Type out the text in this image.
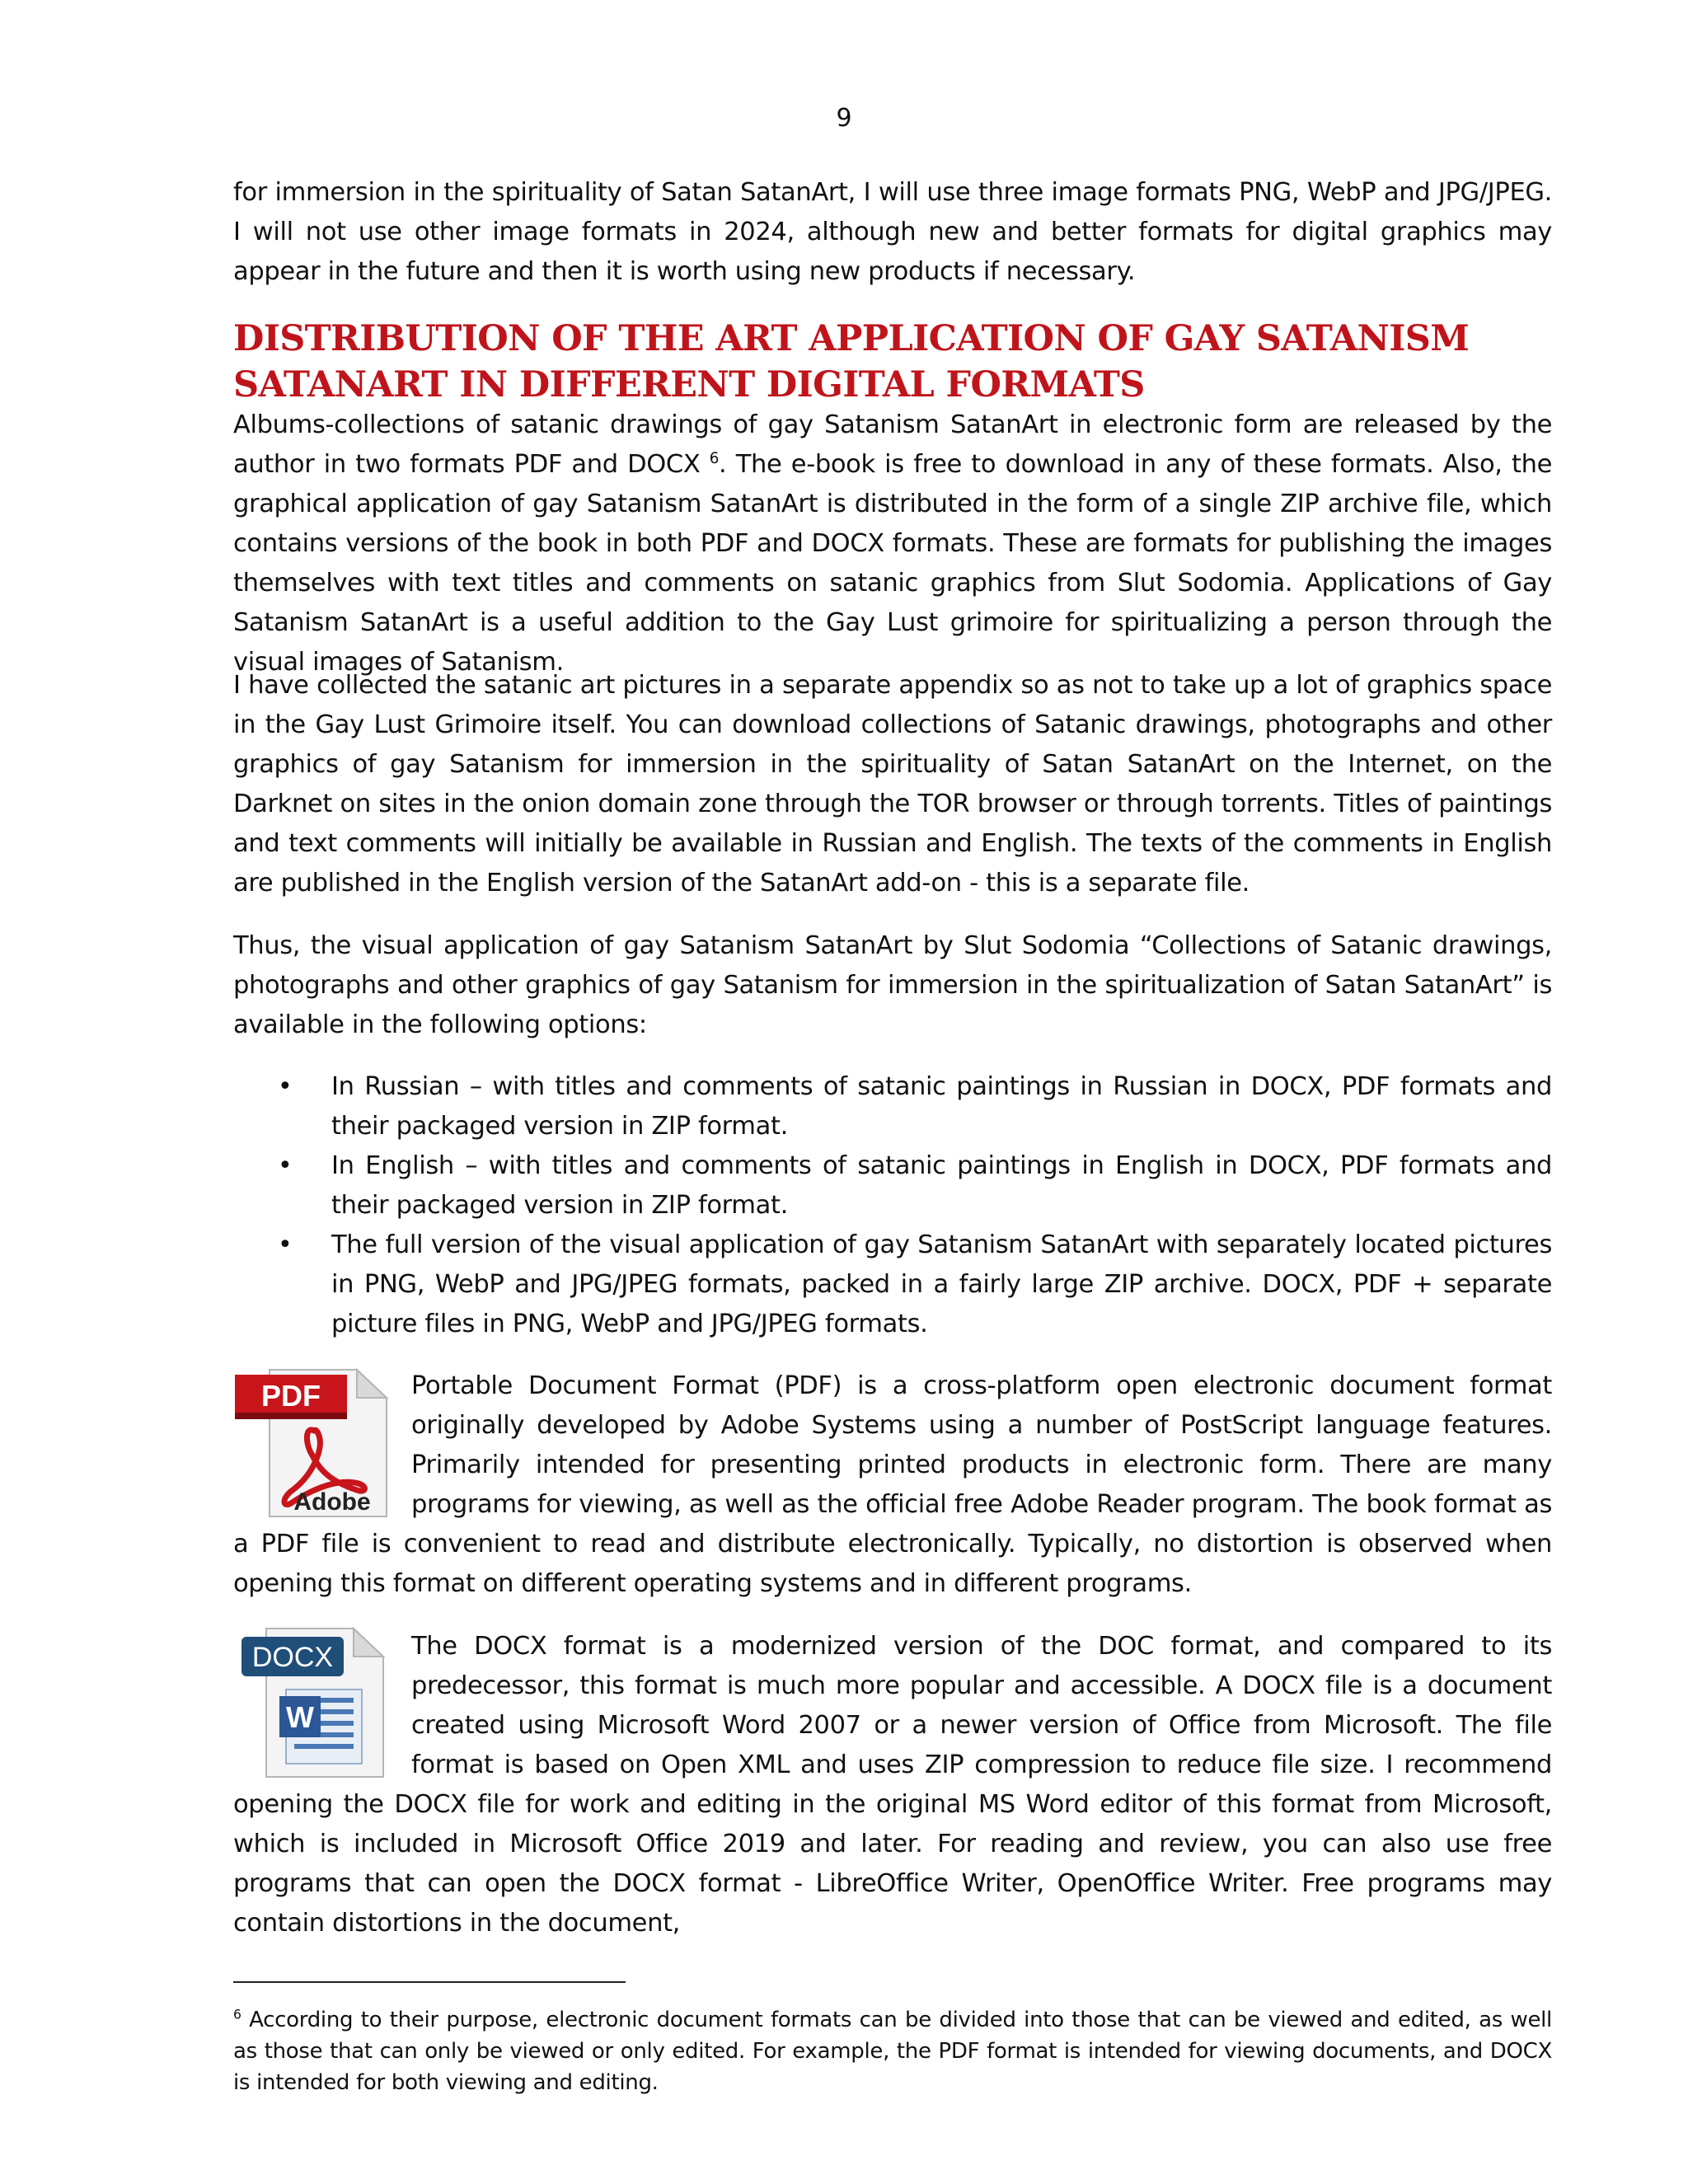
9

for immersion in the spirituality of Satan SatanArt, I will use three image formats PNG, WebP and JPG/JPEG. I will not use other image formats in 2024, although new and better formats for digital graphics may appear in the future and then it is worth using new products if necessary.

DISTRIBUTION OF THE ART APPLICATION OF GAY SATANISM SATANART IN DIFFERENT DIGITAL FORMATS

Albums-collections of satanic drawings of gay Satanism SatanArt in electronic form are released by the author in two formats PDF and DOCX $^6$. The e-book is free to download in any of these formats. Also, the graphical application of gay Satanism SatanArt is distributed in the form of a single ZIP archive file, which contains versions of the book in both PDF and DOCX formats. These are formats for publishing the images themselves with text titles and comments on satanic graphics from Slut Sodomia. Applications of Gay Satanism SatanArt is a useful addition to the Gay Lust grimoire for spiritualizing a person through the visual images of Satanism.

I have collected the satanic art pictures in a separate appendix so as not to take up a lot of graphics space in the Gay Lust Grimoire itself. You can download collections of Satanic drawings, photographs and other graphics of gay Satanism for immersion in the spirituality of Satan SatanArt on the Internet, on the Darknet on sites in the onion domain zone through the TOR browser or through torrents. Titles of paintings and text comments will initially be available in Russian and English. The texts of the comments in English are published in the English version of the SatanArt add-on - this is a separate file.

Thus, the visual application of gay Satanism SatanArt by Slut Sodomia “Collections of Satanic drawings, photographs and other graphics of gay Satanism for immersion in the spiritualization of Satan SatanArt” is available in the following options:

• In Russian – with titles and comments of satanic paintings in Russian in DOCX, PDF formats and their packaged version in ZIP format.
• In English – with titles and comments of satanic paintings in English in DOCX, PDF formats and their packaged version in ZIP format.
• The full version of the visual application of gay Satanism SatanArt with separately located pictures in PNG, WebP and JPG/JPEG formats, packed in a fairly large ZIP archive. DOCX, PDF + separate picture files in PNG, WebP and JPG/JPEG formats.
PDF
Adobe

Portable Document Format (PDF) is a cross-platform open electronic document format originally developed by Adobe Systems using a number of PostScript language features. Primarily intended for presenting printed products in electronic form. There are many programs for viewing, as well as the official free Adobe Reader program. The book format as a PDF file is convenient to read and distribute electronically. Typically, no distortion is observed when opening this format on different operating systems and in different programs.

DOCX
W

The DOCX format is a modernized version of the DOC format, and compared to its predecessor, this format is much more popular and accessible. A DOCX file is a document created using Microsoft Word 2007 or a newer version of Office from Microsoft. The file format is based on Open XML and uses ZIP compression to reduce file size. I recommend opening the DOCX file for work and editing in the original MS Word editor of this format from Microsoft, which is included in Microsoft Office 2019 and later. For reading and review, you can also use free programs that can open the DOCX format - LibreOffice Writer, OpenOffice Writer. Free programs may contain distortions in the document,

$^6$ According to their purpose, electronic document formats can be divided into those that can be viewed and edited, as well as those that can only be viewed or only edited. For example, the PDF format is intended for viewing documents, and DOCX is intended for both viewing and editing.
